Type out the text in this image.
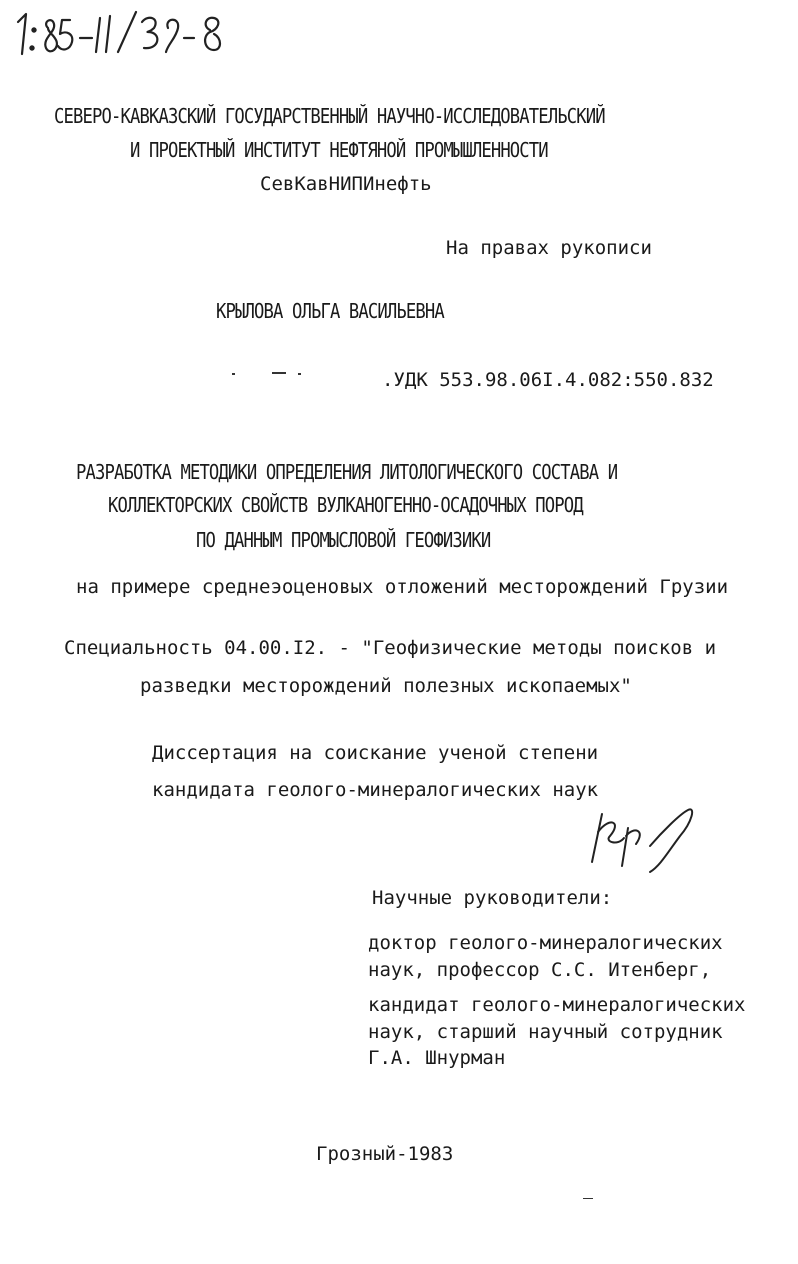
СЕВЕРО-КАВКАЗСКИЙ ГОСУДАРСТВЕННЫЙ НАУЧНО-ИССЛЕДОВАТЕЛЬСКИЙ
И ПРОЕКТНЫЙ ИНСТИТУТ НЕФТЯНОЙ ПРОМЫШЛЕННОСТИ
СевКавНИПИнефть
На правах рукописи
КРЫЛОВА ОЛЬГА ВАСИЛЬЕВНА
.УДК 553.98.06I.4.082:550.832
РАЗРАБОТКА МЕТОДИКИ ОПРЕДЕЛЕНИЯ ЛИТОЛОГИЧЕСКОГО СОСТАВА И
КОЛЛЕКТОРСКИХ СВОЙСТВ ВУЛКАНОГЕННО-ОСАДОЧНЫХ ПОРОД
ПО ДАННЫМ ПРОМЫСЛОВОЙ ГЕОФИЗИКИ
на примере среднеэоценовых отложений месторождений Грузии
Специальность 04.00.I2. - "Геофизические методы поисков и
разведки месторождений полезных ископаемых"
Диссертация на соискание ученой степени
кандидата геолого-минералогических наук
Научные руководители:
доктор геолого-минералогических
наук, профессор С.С. Итенберг,
кандидат геолого-минералогических
наук, старший научный сотрудник
Г.А. Шнурман
Грозный-1983
